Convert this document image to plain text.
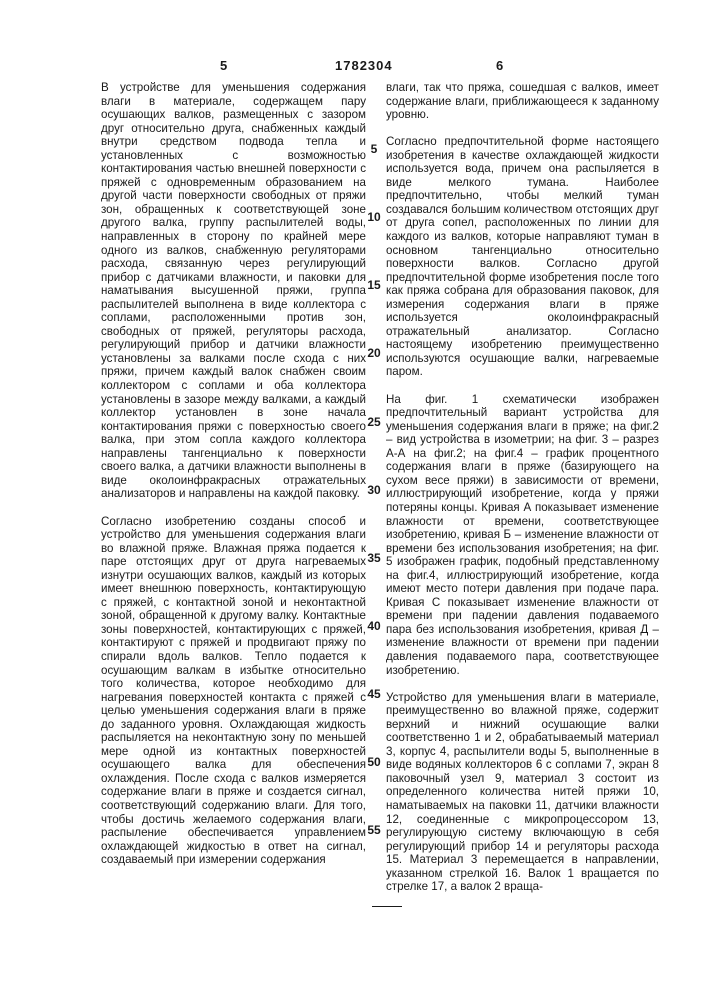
5	1782304	6

В устройстве для уменьшения содержания влаги в материале, содержащем пару осушающих валков, размещенных с зазором друг относительно друга, снабженных каждый внутри средством подвода тепла и установленных с возможностью контактирования частью внешней поверхности с пряжей с одновременным образованием на другой части поверхности свободных от пряжи зон, обращенных к соответствующей зоне другого валка, группу распылителей воды, направленных в сторону по крайней мере одного из валков, снабженную регуляторами расхода, связанную через регулирующий прибор с датчиками влажности, и паковки для наматывания высушенной пряжи, группа распылителей выполнена в виде коллектора с соплами, расположенными против зон, свободных от пряжей, регуляторы расхода, регулирующий прибор и датчики влажности установлены за валками после схода с них пряжи, причем каждый валок снабжен своим коллектором с соплами и оба коллектора установлены в зазоре между валками, а каждый коллектор установлен в зоне начала контактирования пряжи с поверхностью своего валка, при этом сопла каждого коллектора направлены тангенциально к поверхности своего валка, а датчики влажности выполнены в виде околоинфракрасных отражательных анализаторов и направлены на каждой паковку.

Согласно изобретению созданы способ и устройство для уменьшения содержания влаги во влажной пряже. Влажная пряжа подается к паре отстоящих друг от друга нагреваемых изнутри осушающих валков, каждый из которых имеет внешнюю поверхность, контактирующую с пряжей, с контактной зоной и неконтактной зоной, обращенной к другому валку. Контактные зоны поверхностей, контактирующих с пряжей, контактируют с пряжей и продвигают пряжу по спирали вдоль валков. Тепло подается к осушающим валкам в избытке относительно того количества, которое необходимо для нагревания поверхностей контакта с пряжей с целью уменьшения содержания влаги в пряже до заданного уровня. Охлаждающая жидкость распыляется на неконтактную зону по меньшей мере одной из контактных поверхностей осушающего валка для обеспечения охлаждения. После схода с валков измеряется содержание влаги в пряже и создается сигнал, соответствующий содержанию влаги. Для того, чтобы достичь желаемого содержания влаги, распыление обеспечивается управлением охлаждающей жидкостью в ответ на сигнал, создаваемый при измерении содержания

влаги, так что пряжа, сошедшая с валков, имеет содержание влаги, приближающееся к заданному уровню.

Согласно предпочтительной форме настоящего изобретения в качестве охлаждающей жидкости используется вода, причем она распыляется в виде мелкого тумана. Наиболее предпочтительно, чтобы мелкий туман создавался большим количеством отстоящих друг от друга сопел, расположенных по линии для каждого из валков, которые направляют туман в основном тангенциально относительно поверхности валков. Согласно другой предпочтительной форме изобретения после того как пряжа собрана для образования паковок, для измерения содержания влаги в пряже используется околоинфракрасный отражательный анализатор. Согласно настоящему изобретению преимущественно используются осушающие валки, нагреваемые паром.

На фиг. 1 схематически изображен предпочтительный вариант устройства для уменьшения содержания влаги в пряже; на фиг.2 – вид устройства в изометрии; на фиг. 3 – разрез А-А на фиг.2; на фиг.4 – график процентного содержания влаги в пряже (базирующего на сухом весе пряжи) в зависимости от времени, иллюстрирующий изобретение, когда у пряжи потеряны концы. Кривая А показывает изменение влажности от времени, соответствующее изобретению, кривая Б – изменение влажности от времени без использования изобретения; на фиг. 5 изображен график, подобный представленному на фиг.4, иллюстрирующий изобретение, когда имеют место потери давления при подаче пара. Кривая С показывает изменение влажности от времени при падении давления подаваемого пара без использования изобретения, кривая Д – изменение влажности от времени при падении давления подаваемого пара, соответствующее изобретению.

Устройство для уменьшения влаги в материале, преимущественно во влажной пряже, содержит верхний и нижний осушающие валки соответственно 1 и 2, обрабатываемый материал 3, корпус 4, распылители воды 5, выполненные в виде водяных коллекторов 6 с соплами 7, экран 8 паковочный узел 9, материал 3 состоит из определенного количества нитей пряжи 10, наматываемых на паковки 11, датчики влажности 12, соединенные с микропроцессором 13, регулирующую систему включающую в себя регулирующий прибор 14 и регуляторы расхода 15. Материал 3 перемещается в направлении, указанном стрелкой 16. Валок 1 вращается по стрелке 17, а валок 2 враща-

5
10
15
20
25
30
35
40
45
50
55
